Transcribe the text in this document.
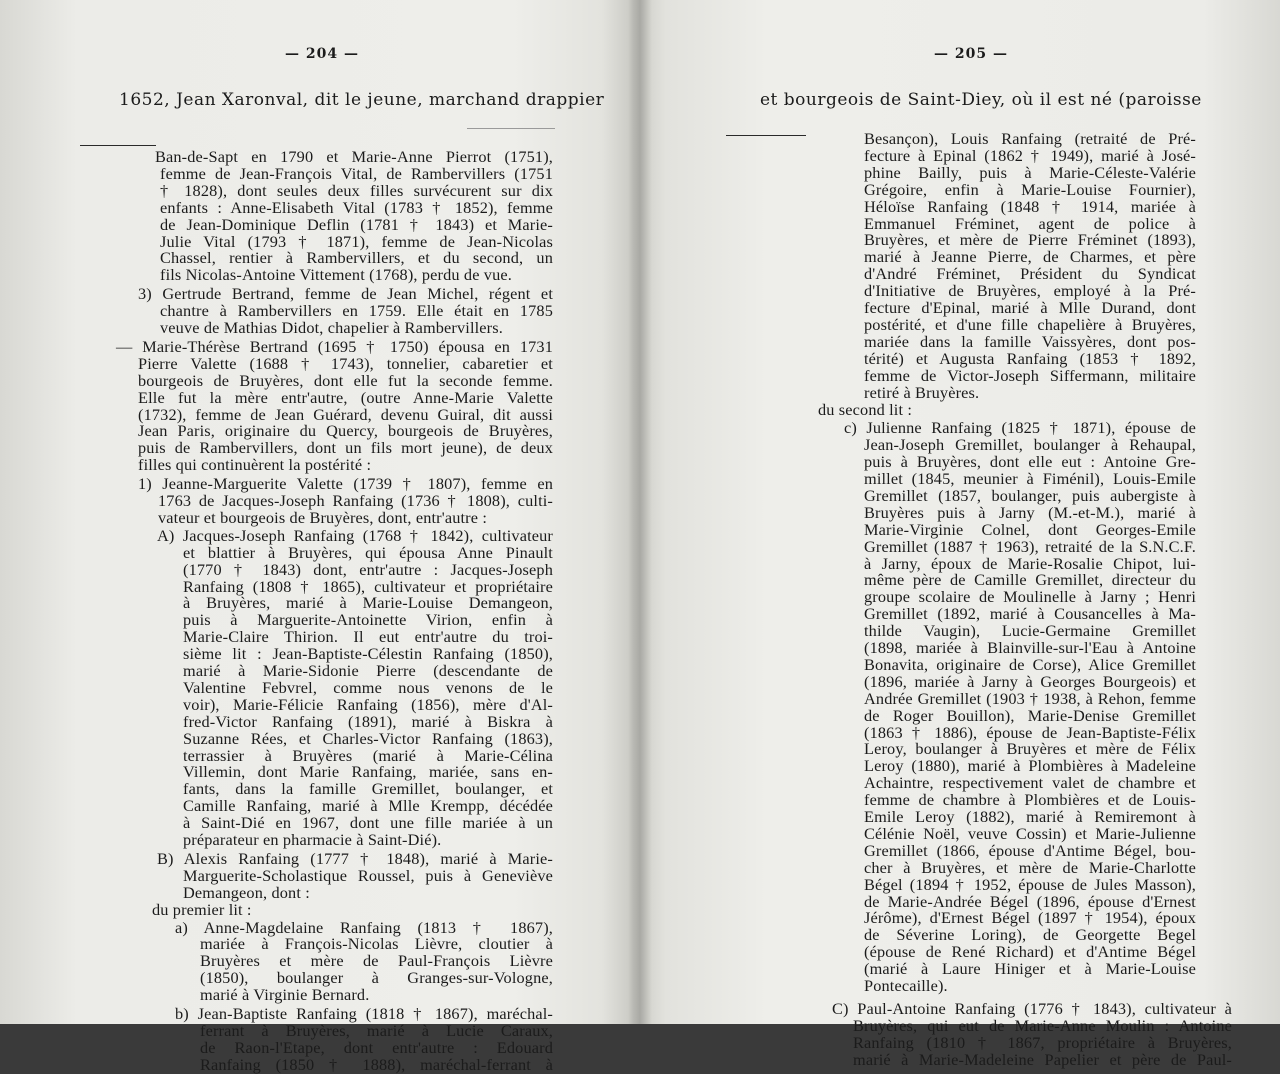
— 204 —
1652, Jean Xaronval, dit le jeune, marchand drappier
Ban-de-Sapt en 1790 et Marie-Anne Pierrot (1751),
femme de Jean-François Vital, de Rambervillers (1751
† 1828), dont seules deux filles survécurent sur dix
enfants : Anne-Elisabeth Vital (1783 † 1852), femme
de Jean-Dominique Deflin (1781 † 1843) et Marie-
Julie Vital (1793 † 1871), femme de Jean-Nicolas
Chassel, rentier à Rambervillers, et du second, un
fils Nicolas-Antoine Vittement (1768), perdu de vue.
3) Gertrude Bertrand, femme de Jean Michel, régent et
chantre à Rambervillers en 1759. Elle était en 1785
veuve de Mathias Didot, chapelier à Rambervillers.
— Marie-Thérèse Bertrand (1695 † 1750) épousa en 1731
Pierre Valette (1688 † 1743), tonnelier, cabaretier et
bourgeois de Bruyères, dont elle fut la seconde femme.
Elle fut la mère entr'autre, (outre Anne-Marie Valette
(1732), femme de Jean Guérard, devenu Guiral, dit aussi
Jean Paris, originaire du Quercy, bourgeois de Bruyères,
puis de Rambervillers, dont un fils mort jeune), de deux
filles qui continuèrent la postérité :
1) Jeanne-Marguerite Valette (1739 † 1807), femme en
1763 de Jacques-Joseph Ranfaing (1736 † 1808), culti-
vateur et bourgeois de Bruyères, dont, entr'autre :
A) Jacques-Joseph Ranfaing (1768 † 1842), cultivateur
et blattier à Bruyères, qui épousa Anne Pinault
(1770 † 1843) dont, entr'autre : Jacques-Joseph
Ranfaing (1808 † 1865), cultivateur et propriétaire
à Bruyères, marié à Marie-Louise Demangeon,
puis à Marguerite-Antoinette Virion, enfin à
Marie-Claire Thirion. Il eut entr'autre du troi-
sième lit : Jean-Baptiste-Célestin Ranfaing (1850),
marié à Marie-Sidonie Pierre (descendante de
Valentine Febvrel, comme nous venons de le
voir), Marie-Félicie Ranfaing (1856), mère d'Al-
fred-Victor Ranfaing (1891), marié à Biskra à
Suzanne Rées, et Charles-Victor Ranfaing (1863),
terrassier à Bruyères (marié à Marie-Célina
Villemin, dont Marie Ranfaing, mariée, sans en-
fants, dans la famille Gremillet, boulanger, et
Camille Ranfaing, marié à Mlle Krempp, décédée
à Saint-Dié en 1967, dont une fille mariée à un
préparateur en pharmacie à Saint-Dié).
B) Alexis Ranfaing (1777 † 1848), marié à Marie-
Marguerite-Scholastique Roussel, puis à Geneviève
Demangeon, dont :
du premier lit :
a) Anne-Magdelaine Ranfaing (1813 † 1867),
mariée à François-Nicolas Lièvre, cloutier à
Bruyères et mère de Paul-François Lièvre
(1850), boulanger à Granges-sur-Vologne,
marié à Virginie Bernard.
b) Jean-Baptiste Ranfaing (1818 † 1867), maréchal-
ferrant à Bruyères, marié à Lucie Caraux,
de Raon-l'Etape, dont entr'autre : Edouard
Ranfaing (1850 † 1888), maréchal-ferrant à
— 205 —
et bourgeois de Saint-Diey, où il est né (paroisse
Besançon), Louis Ranfaing (retraité de Pré-
fecture à Epinal (1862 † 1949), marié à José-
phine Bailly, puis à Marie-Céleste-Valérie
Grégoire, enfin à Marie-Louise Fournier),
Héloïse Ranfaing (1848 † 1914, mariée à
Emmanuel Fréminet, agent de police à
Bruyères, et mère de Pierre Fréminet (1893),
marié à Jeanne Pierre, de Charmes, et père
d'André Fréminet, Président du Syndicat
d'Initiative de Bruyères, employé à la Pré-
fecture d'Epinal, marié à Mlle Durand, dont
postérité, et d'une fille chapelière à Bruyères,
mariée dans la famille Vaissyères, dont pos-
térité) et Augusta Ranfaing (1853 † 1892,
femme de Victor-Joseph Siffermann, militaire
retiré à Bruyères.
du second lit :
c) Julienne Ranfaing (1825 † 1871), épouse de
Jean-Joseph Gremillet, boulanger à Rehaupal,
puis à Bruyères, dont elle eut : Antoine Gre-
millet (1845, meunier à Fiménil), Louis-Emile
Gremillet (1857, boulanger, puis aubergiste à
Bruyères puis à Jarny (M.-et-M.), marié à
Marie-Virginie Colnel, dont Georges-Emile
Gremillet (1887 † 1963), retraité de la S.N.C.F.
à Jarny, époux de Marie-Rosalie Chipot, lui-
même père de Camille Gremillet, directeur du
groupe scolaire de Moulinelle à Jarny ; Henri
Gremillet (1892, marié à Cousancelles à Ma-
thilde Vaugin), Lucie-Germaine Gremillet
(1898, mariée à Blainville-sur-l'Eau à Antoine
Bonavita, originaire de Corse), Alice Gremillet
(1896, mariée à Jarny à Georges Bourgeois) et
Andrée Gremillet (1903 † 1938, à Rehon, femme
de Roger Bouillon), Marie-Denise Gremillet
(1863 † 1886), épouse de Jean-Baptiste-Félix
Leroy, boulanger à Bruyères et mère de Félix
Leroy (1880), marié à Plombières à Madeleine
Achaintre, respectivement valet de chambre et
femme de chambre à Plombières et de Louis-
Emile Leroy (1882), marié à Remiremont à
Célénie Noël, veuve Cossin) et Marie-Julienne
Gremillet (1866, épouse d'Antime Bégel, bou-
cher à Bruyères, et mère de Marie-Charlotte
Bégel (1894 † 1952, épouse de Jules Masson),
de Marie-Andrée Bégel (1896, épouse d'Ernest
Jérôme), d'Ernest Bégel (1897 † 1954), époux
de Séverine Loring), de Georgette Begel
(épouse de René Richard) et d'Antime Bégel
(marié à Laure Hiniger et à Marie-Louise
Pontecaille).
C) Paul-Antoine Ranfaing (1776 † 1843), cultivateur à
Bruyères, qui eut de Marie-Anne Moulin : Antoine
Ranfaing (1810 † 1867, propriétaire à Bruyères,
marié à Marie-Madeleine Papelier et père de Paul-
